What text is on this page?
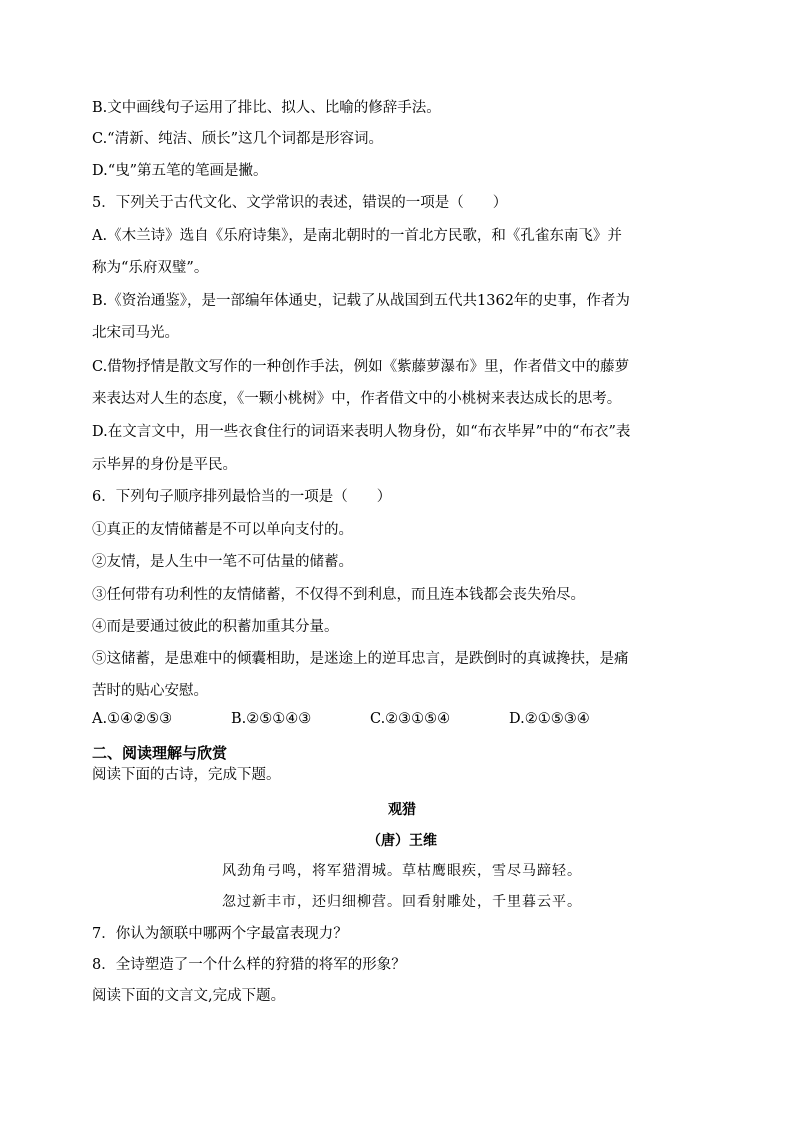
B.文中画线句子运用了排比、拟人、比喻的修辞手法。

C.“清新、纯洁、颀长”这几个词都是形容词。

D.“曳”第五笔的笔画是撇。

5．下列关于古代文化、文学常识的表述，错误的一项是（　　）

A.《木兰诗》选自《乐府诗集》，是南北朝时的一首北方民歌，和《孔雀东南飞》并

称为“乐府双璧”。

B.《资治通鉴》，是一部编年体通史，记载了从战国到五代共1362年的史事，作者为

北宋司马光。

C.借物抒情是散文写作的一种创作手法，例如《紫藤萝瀑布》里，作者借文中的藤萝

来表达对人生的态度，《一颗小桃树》中，作者借文中的小桃树来表达成长的思考。

D.在文言文中，用一些衣食住行的词语来表明人物身份，如“布衣毕昇”中的“布衣”表

示毕昇的身份是平民。

6．下列句子顺序排列最恰当的一项是（　　）

①真正的友情储蓄是不可以单向支付的。

②友情，是人生中一笔不可估量的储蓄。

③任何带有功利性的友情储蓄，不仅得不到利息，而且连本钱都会丧失殆尽。

④而是要通过彼此的积蓄加重其分量。

⑤这储蓄，是患难中的倾囊相助，是迷途上的逆耳忠言，是跌倒时的真诚搀扶，是痛

苦时的贴心安慰。

A.①④②⑤③	B.②⑤①④③	C.②③①⑤④	D.②①⑤③④

二、阅读理解与欣赏

阅读下面的古诗，完成下题。

观猎

（唐）王维

风劲角弓鸣，将军猎渭城。草枯鹰眼疾，雪尽马蹄轻。

忽过新丰市，还归细柳营。回看射雕处，千里暮云平。

7．你认为颔联中哪两个字最富表现力？

8．全诗塑造了一个什么样的狩猎的将军的形象？

阅读下面的文言文,完成下题。
